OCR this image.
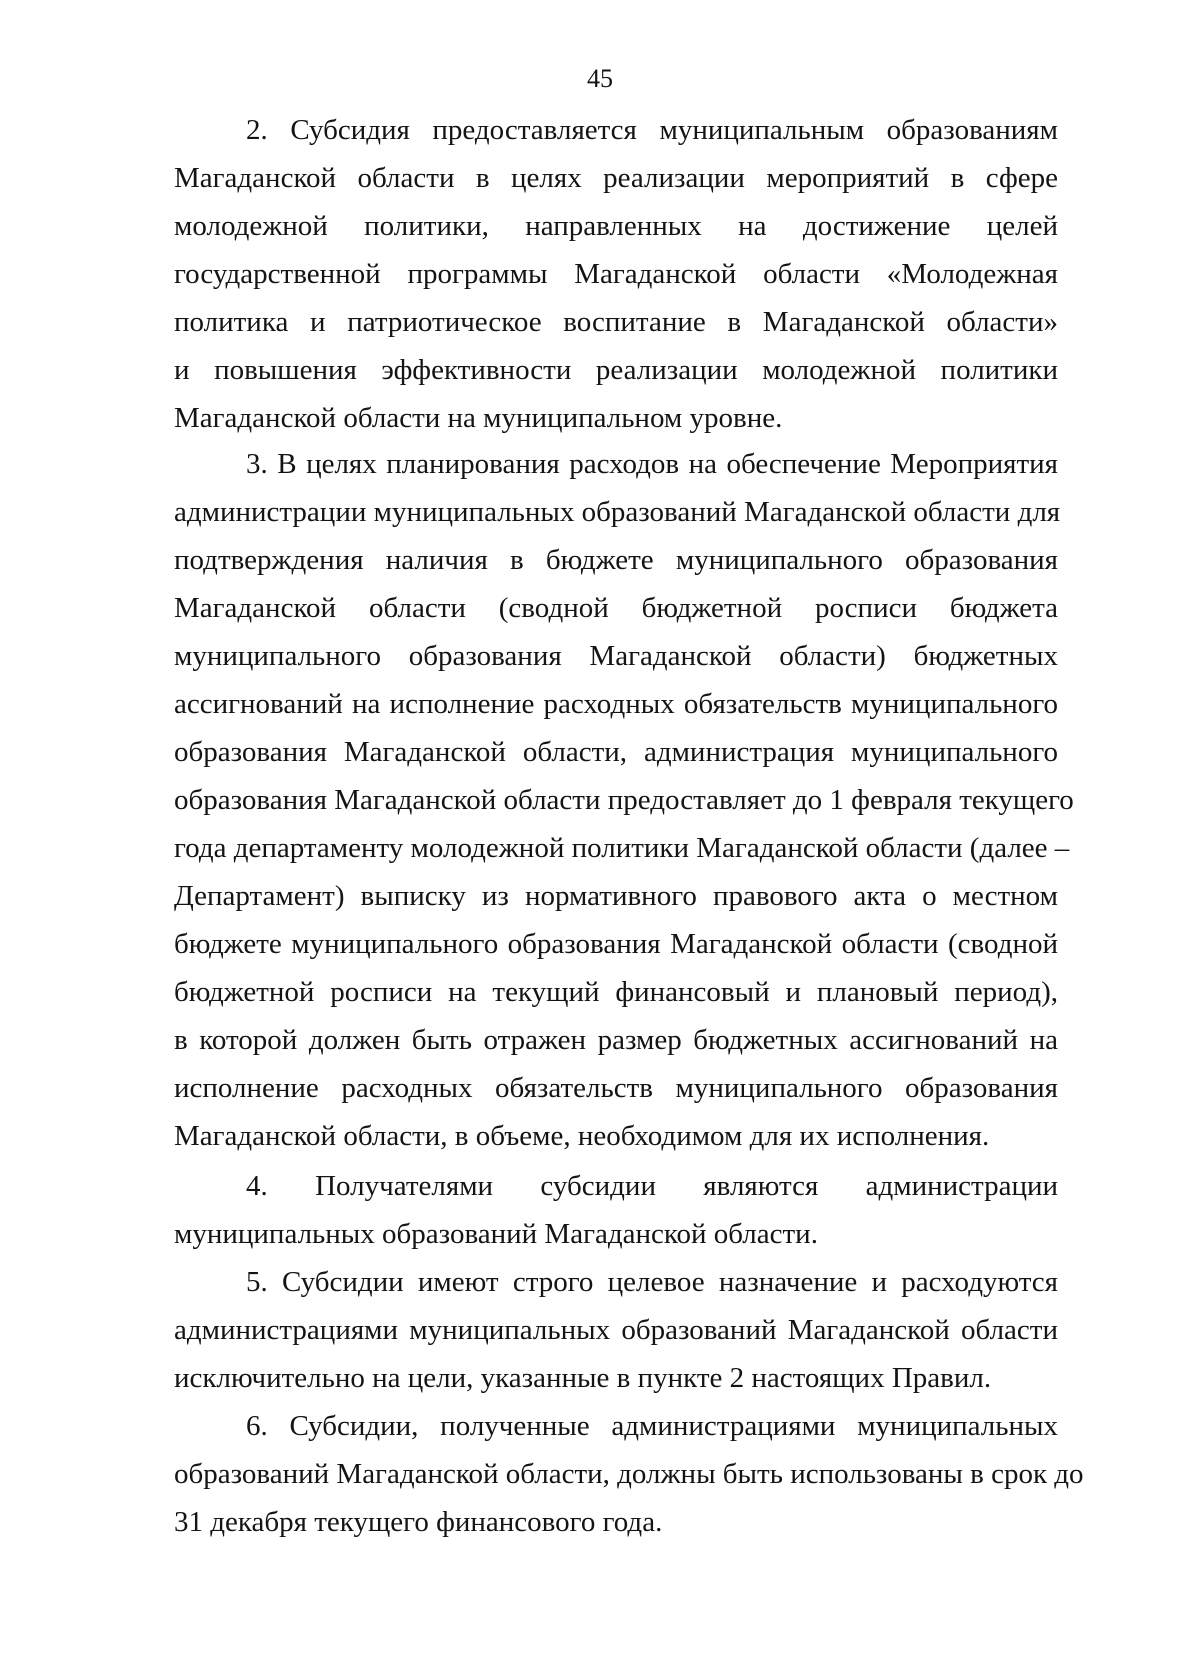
45
2. Субсидия предоставляется муниципальным образованиям
Магаданской области в целях реализации мероприятий в сфере
молодежной политики, направленных на достижение целей
государственной программы Магаданской области «Молодежная
политика и патриотическое воспитание в Магаданской области»
и повышения эффективности реализации молодежной политики
Магаданской области на муниципальном уровне.
3. В целях планирования расходов на обеспечение Мероприятия
администрации муниципальных образований Магаданской области для
подтверждения наличия в бюджете муниципального образования
Магаданской области (сводной бюджетной росписи бюджета
муниципального образования Магаданской области) бюджетных
ассигнований на исполнение расходных обязательств муниципального
образования Магаданской области, администрация муниципального
образования Магаданской области предоставляет до 1 февраля текущего
года департаменту молодежной политики Магаданской области (далее –
Департамент) выписку из нормативного правового акта о местном
бюджете муниципального образования Магаданской области (сводной
бюджетной росписи на текущий финансовый и плановый период),
в которой должен быть отражен размер бюджетных ассигнований на
исполнение расходных обязательств муниципального образования
Магаданской области, в объеме, необходимом для их исполнения.
4. Получателями субсидии являются администрации
муниципальных образований Магаданской области.
5. Субсидии имеют строго целевое назначение и расходуются
администрациями муниципальных образований Магаданской области
исключительно на цели, указанные в пункте 2 настоящих Правил.
6. Субсидии, полученные администрациями муниципальных
образований Магаданской области, должны быть использованы в срок до
31 декабря текущего финансового года.
